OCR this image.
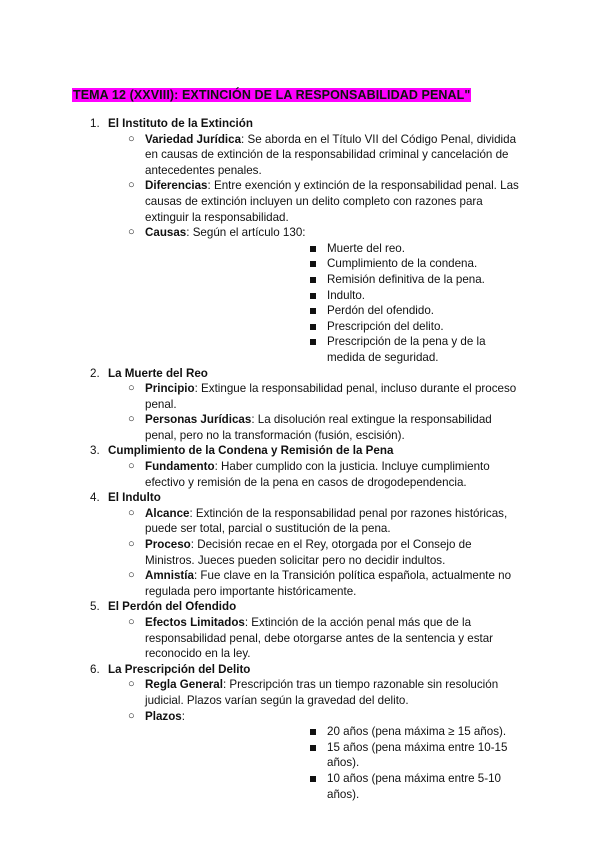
TEMA 12 (XXVIII): EXTINCIÓN DE LA RESPONSABILIDAD PENAL"
1. El Instituto de la Extinción
○ Variedad Jurídica: Se aborda en el Título VII del Código Penal, dividida en causas de extinción de la responsabilidad criminal y cancelación de antecedentes penales.
○ Diferencias: Entre exención y extinción de la responsabilidad penal. Las causas de extinción incluyen un delito completo con razones para extinguir la responsabilidad.
○ Causas: Según el artículo 130:
Muerte del reo.
Cumplimiento de la condena.
Remisión definitiva de la pena.
Indulto.
Perdón del ofendido.
Prescripción del delito.
Prescripción de la pena y de la medida de seguridad.
2. La Muerte del Reo
○ Principio: Extingue la responsabilidad penal, incluso durante el proceso penal.
○ Personas Jurídicas: La disolución real extingue la responsabilidad penal, pero no la transformación (fusión, escisión).
3. Cumplimiento de la Condena y Remisión de la Pena
○ Fundamento: Haber cumplido con la justicia. Incluye cumplimiento efectivo y remisión de la pena en casos de drogodependencia.
4. El Indulto
○ Alcance: Extinción de la responsabilidad penal por razones históricas, puede ser total, parcial o sustitución de la pena.
○ Proceso: Decisión recae en el Rey, otorgada por el Consejo de Ministros. Jueces pueden solicitar pero no decidir indultos.
○ Amnistía: Fue clave en la Transición política española, actualmente no regulada pero importante históricamente.
5. El Perdón del Ofendido
○ Efectos Limitados: Extinción de la acción penal más que de la responsabilidad penal, debe otorgarse antes de la sentencia y estar reconocido en la ley.
6. La Prescripción del Delito
○ Regla General: Prescripción tras un tiempo razonable sin resolución judicial. Plazos varían según la gravedad del delito.
○ Plazos:
20 años (pena máxima ≥ 15 años).
15 años (pena máxima entre 10-15 años).
10 años (pena máxima entre 5-10 años).
